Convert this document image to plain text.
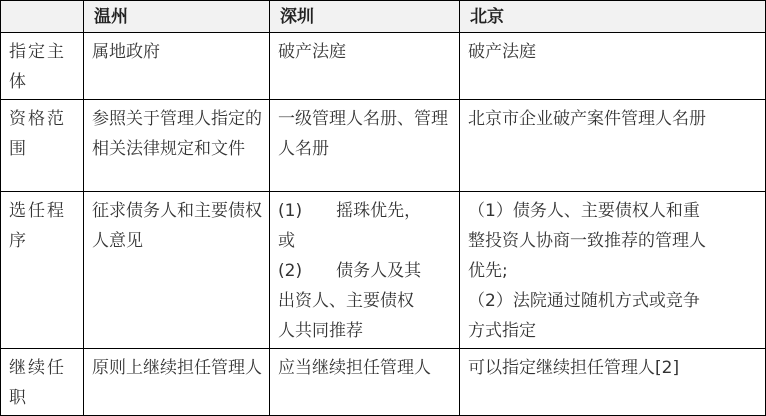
	温州	深圳	北京
指定主体	属地政府	破产法庭	破产法庭
资格范围	参照关于管理人指定的相关法律规定和文件	一级管理人名册、管理人名册	北京市企业破产案件管理人名册
选任程序	征求债务人和主要债权人意见	(1)　　摇珠优先，
或
(2)　　债务人及其
出资人、主要债权
人共同推荐	（1）债务人、主要债权人和重
整投资人协商一致推荐的管理人
优先;
（2）法院通过随机方式或竞争
方式指定

继续任职	原则上继续担任管理人	应当继续担任管理人	可以指定继续担任管理人[2]
